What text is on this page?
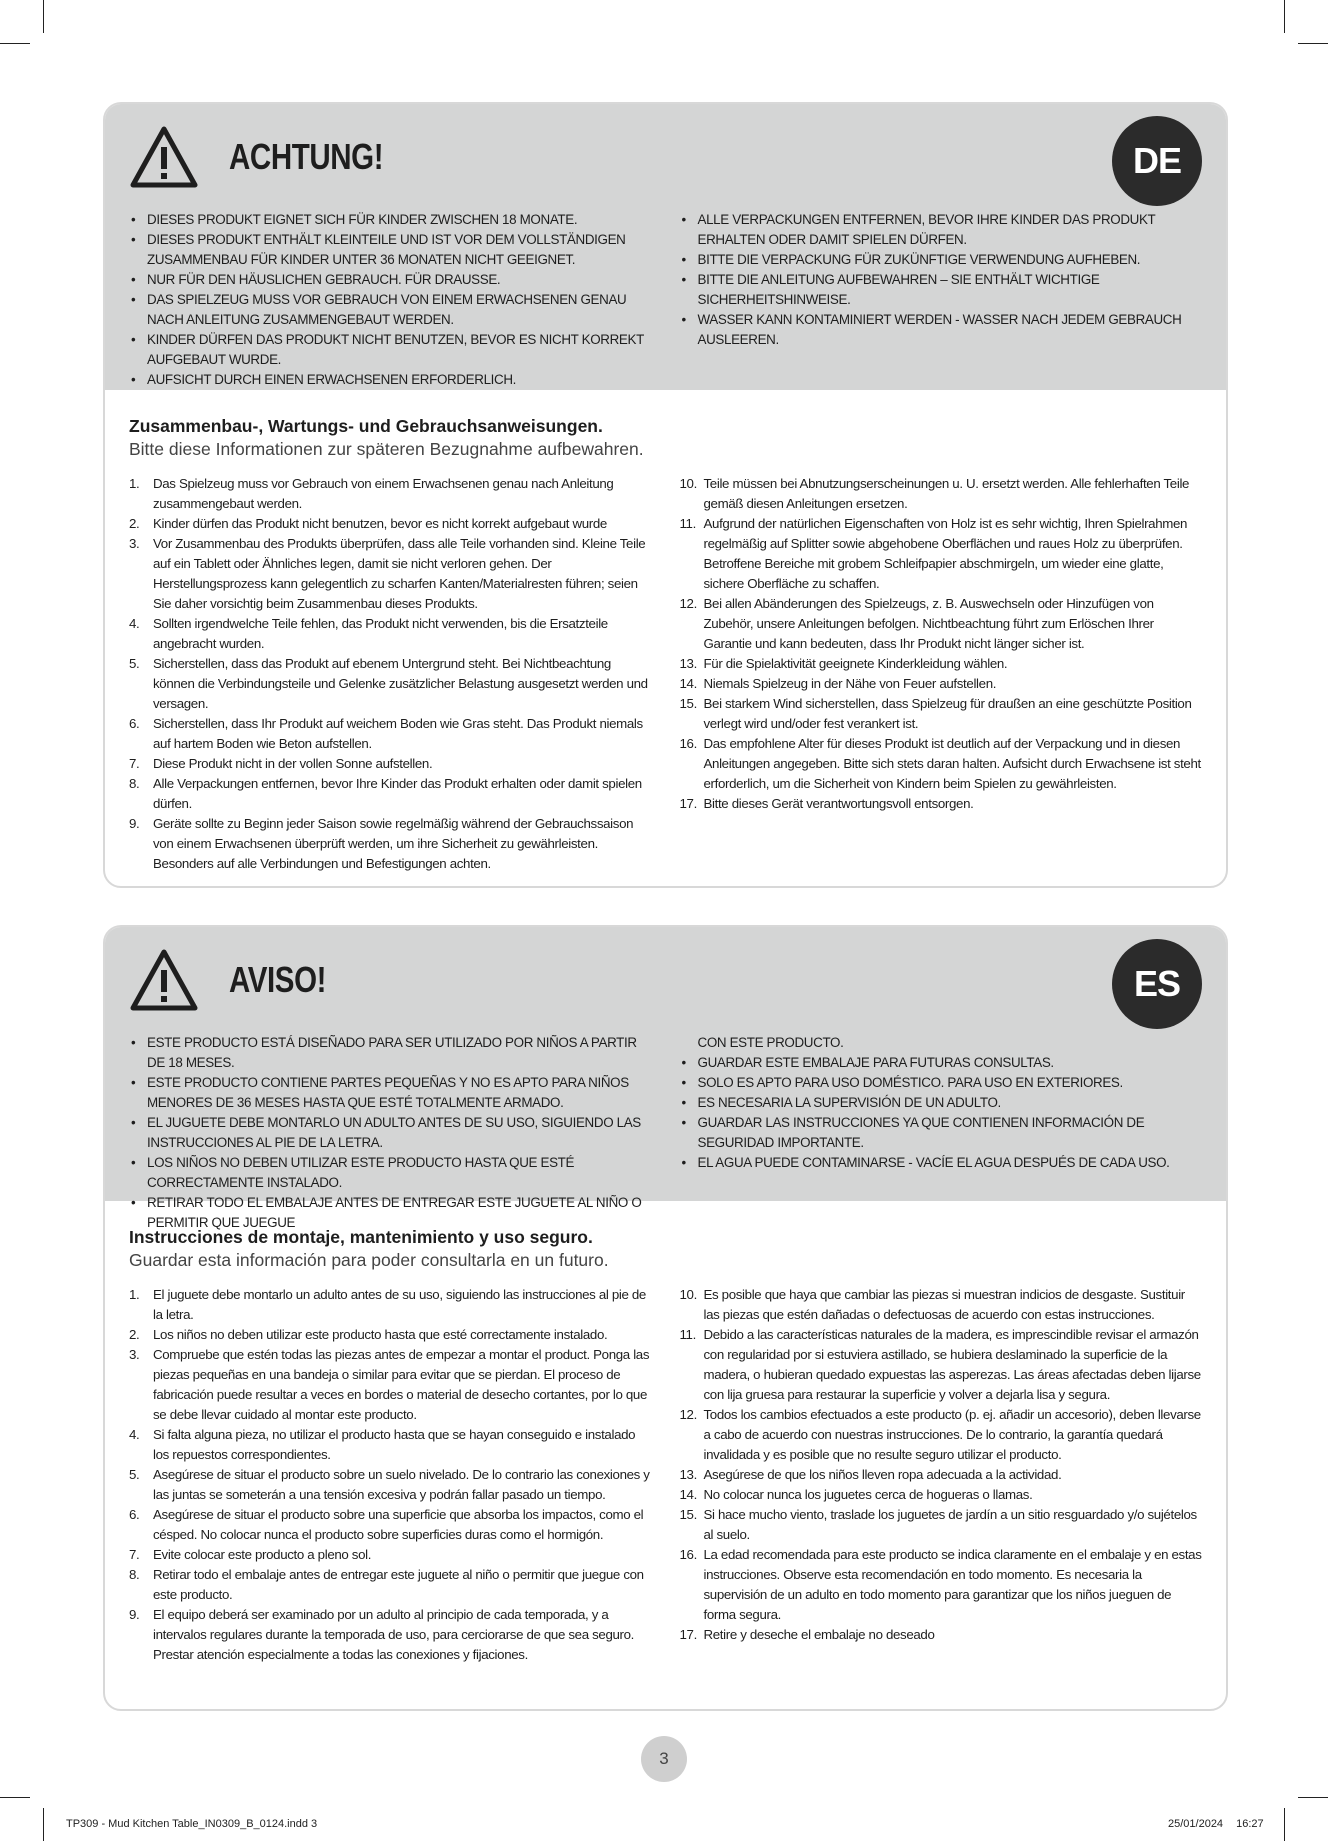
ACHTUNG!	DE
• DIESES PRODUKT EIGNET SICH FÜR KINDER ZWISCHEN 18 MONATE.
• DIESES PRODUKT ENTHÄLT KLEINTEILE UND IST VOR DEM VOLLSTÄNDIGEN ZUSAMMENBAU FÜR KINDER UNTER 36 MONATEN NICHT GEEIGNET.
• NUR FÜR DEN HÄUSLICHEN GEBRAUCH. FÜR DRAUSSE.
• DAS SPIELZEUG MUSS VOR GEBRAUCH VON EINEM ERWACHSENEN GENAU NACH ANLEITUNG ZUSAMMENGEBAUT WERDEN.
• KINDER DÜRFEN DAS PRODUKT NICHT BENUTZEN, BEVOR ES NICHT KORREKT AUFGEBAUT WURDE.
• AUFSICHT DURCH EINEN ERWACHSENEN ERFORDERLICH.
• ALLE VERPACKUNGEN ENTFERNEN, BEVOR IHRE KINDER DAS PRODUKT ERHALTEN ODER DAMIT SPIELEN DÜRFEN.
• BITTE DIE VERPACKUNG FÜR ZUKÜNFTIGE VERWENDUNG AUFHEBEN.
• BITTE DIE ANLEITUNG AUFBEWAHREN – SIE ENTHÄLT WICHTIGE SICHERHEITSHINWEISE.
• WASSER KANN KONTAMINIERT WERDEN - WASSER NACH JEDEM GEBRAUCH AUSLEEREN.
Zusammenbau-, Wartungs- und Gebrauchsanweisungen.
Bitte diese Informationen zur späteren Bezugnahme aufbewahren.
1. Das Spielzeug muss vor Gebrauch von einem Erwachsenen genau nach Anleitung zusammengebaut werden.
2. Kinder dürfen das Produkt nicht benutzen, bevor es nicht korrekt aufgebaut wurde
3. Vor Zusammenbau des Produkts überprüfen, dass alle Teile vorhanden sind. Kleine Teile auf ein Tablett oder Ähnliches legen, damit sie nicht verloren gehen. Der Herstellungsprozess kann gelegentlich zu scharfen Kanten/Materialresten führen; seien Sie daher vorsichtig beim Zusammenbau dieses Produkts.
4. Sollten irgendwelche Teile fehlen, das Produkt nicht verwenden, bis die Ersatzteile angebracht wurden.
5. Sicherstellen, dass das Produkt auf ebenem Untergrund steht. Bei Nichtbeachtung können die Verbindungsteile und Gelenke zusätzlicher Belastung ausgesetzt werden und versagen.
6. Sicherstellen, dass Ihr Produkt auf weichem Boden wie Gras steht. Das Produkt niemals auf hartem Boden wie Beton aufstellen.
7. Diese Produkt nicht in der vollen Sonne aufstellen.
8. Alle Verpackungen entfernen, bevor Ihre Kinder das Produkt erhalten oder damit spielen dürfen.
9. Geräte sollte zu Beginn jeder Saison sowie regelmäßig während der Gebrauchssaison von einem Erwachsenen überprüft werden, um ihre Sicherheit zu gewährleisten. Besonders auf alle Verbindungen und Befestigungen achten.
10. Teile müssen bei Abnutzungserscheinungen u. U. ersetzt werden. Alle fehlerhaften Teile gemäß diesen Anleitungen ersetzen.
11. Aufgrund der natürlichen Eigenschaften von Holz ist es sehr wichtig, Ihren Spielrahmen regelmäßig auf Splitter sowie abgehobene Oberflächen und raues Holz zu überprüfen. Betroffene Bereiche mit grobem Schleifpapier abschmirgeln, um wieder eine glatte, sichere Oberfläche zu schaffen.
12. Bei allen Abänderungen des Spielzeugs, z. B. Auswechseln oder Hinzufügen von Zubehör, unsere Anleitungen befolgen. Nichtbeachtung führt zum Erlöschen Ihrer Garantie und kann bedeuten, dass Ihr Produkt nicht länger sicher ist.
13. Für die Spielaktivität geeignete Kinderkleidung wählen.
14. Niemals Spielzeug in der Nähe von Feuer aufstellen.
15. Bei starkem Wind sicherstellen, dass Spielzeug für draußen an eine geschützte Position verlegt wird und/oder fest verankert ist.
16. Das empfohlene Alter für dieses Produkt ist deutlich auf der Verpackung und in diesen Anleitungen angegeben. Bitte sich stets daran halten. Aufsicht durch Erwachsene ist steht erforderlich, um die Sicherheit von Kindern beim Spielen zu gewährleisten.
17. Bitte dieses Gerät verantwortungsvoll entsorgen.
AVISO!	ES
• ESTE PRODUCTO ESTÁ DISEÑADO PARA SER UTILIZADO POR NIÑOS A PARTIR DE 18 MESES.
• ESTE PRODUCTO CONTIENE PARTES PEQUEÑAS Y NO ES APTO PARA NIÑOS MENORES DE 36 MESES HASTA QUE ESTÉ TOTALMENTE ARMADO.
• EL JUGUETE DEBE MONTARLO UN ADULTO ANTES DE SU USO, SIGUIENDO LAS INSTRUCCIONES AL PIE DE LA LETRA.
• LOS NIÑOS NO DEBEN UTILIZAR ESTE PRODUCTO HASTA QUE ESTÉ CORRECTAMENTE INSTALADO.
• RETIRAR TODO EL EMBALAJE ANTES DE ENTREGAR ESTE JUGUETE AL NIÑO O PERMITIR QUE JUEGUE
CON ESTE PRODUCTO.
• GUARDAR ESTE EMBALAJE PARA FUTURAS CONSULTAS.
• SOLO ES APTO PARA USO DOMÉSTICO. PARA USO EN EXTERIORES.
• ES NECESARIA LA SUPERVISIÓN DE UN ADULTO.
• GUARDAR LAS INSTRUCCIONES YA QUE CONTIENEN INFORMACIÓN DE SEGURIDAD IMPORTANTE.
• EL AGUA PUEDE CONTAMINARSE - VACÍE EL AGUA DESPUÉS DE CADA USO.
Instrucciones de montaje, mantenimiento y uso seguro.
Guardar esta información para poder consultarla en un futuro.
1. El juguete debe montarlo un adulto antes de su uso, siguiendo las instrucciones al pie de la letra.
2. Los niños no deben utilizar este producto hasta que esté correctamente instalado.
3. Compruebe que estén todas las piezas antes de empezar a montar el product. Ponga las piezas pequeñas en una bandeja o similar para evitar que se pierdan. El proceso de fabricación puede resultar a veces en bordes o material de desecho cortantes, por lo que se debe llevar cuidado al montar este producto.
4. Si falta alguna pieza, no utilizar el producto hasta que se hayan conseguido e instalado los repuestos correspondientes.
5. Asegúrese de situar el producto sobre un suelo nivelado. De lo contrario las conexiones y las juntas se someterán a una tensión excesiva y podrán fallar pasado un tiempo.
6. Asegúrese de situar el producto sobre una superficie que absorba los impactos, como el césped. No colocar nunca el producto sobre superficies duras como el hormigón.
7. Evite colocar este producto a pleno sol.
8. Retirar todo el embalaje antes de entregar este juguete al niño o permitir que juegue con este producto.
9. El equipo deberá ser examinado por un adulto al principio de cada temporada, y a intervalos regulares durante la temporada de uso, para cerciorarse de que sea seguro. Prestar atención especialmente a todas las conexiones y fijaciones.
10. Es posible que haya que cambiar las piezas si muestran indicios de desgaste. Sustituir las piezas que estén dañadas o defectuosas de acuerdo con estas instrucciones.
11. Debido a las características naturales de la madera, es imprescindible revisar el armazón con regularidad por si estuviera astillado, se hubiera deslaminado la superficie de la madera, o hubieran quedado expuestas las asperezas. Las áreas afectadas deben lijarse con lija gruesa para restaurar la superficie y volver a dejarla lisa y segura.
12. Todos los cambios efectuados a este producto (p. ej. añadir un accesorio), deben llevarse a cabo de acuerdo con nuestras instrucciones. De lo contrario, la garantía quedará invalidada y es posible que no resulte seguro utilizar el producto.
13. Asegúrese de que los niños lleven ropa adecuada a la actividad.
14. No colocar nunca los juguetes cerca de hogueras o llamas.
15. Si hace mucho viento, traslade los juguetes de jardín a un sitio resguardado y/o sujételos al suelo.
16. La edad recomendada para este producto se indica claramente en el embalaje y en estas instrucciones. Observe esta recomendación en todo momento. Es necesaria la supervisión de un adulto en todo momento para garantizar que los niños jueguen de forma segura.
17. Retire y deseche el embalaje no deseado
3
TP309 - Mud Kitchen Table_IN0309_B_0124.indd 3	25/01/2024 16:27
